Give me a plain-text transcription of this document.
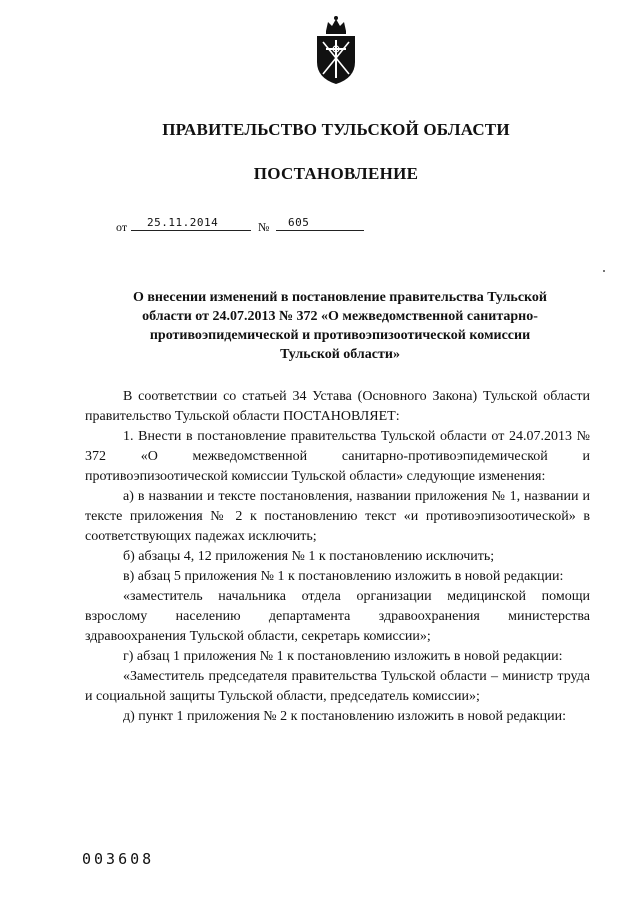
ПРАВИТЕЛЬСТВО ТУЛЬСКОЙ ОБЛАСТИ
ПОСТАНОВЛЕНИЕ
от	25.11.2014	№	605
О внесении изменений в постановление правительства Тульской
области от 24.07.2013 № 372 «О межведомственной санитарно-
противоэпидемической и противоэпизоотической комиссии
Тульской области»

В соответствии со статьей 34 Устава (Основного Закона) Тульской области правительство Тульской области ПОСТАНОВЛЯЕТ:

1. Внести в постановление правительства Тульской области от 24.07.2013 № 372 «О межведомственной санитарно-противоэпидемической и противоэпизоотической комиссии Тульской области» следующие изменения:

а) в названии и тексте постановления, названии приложения № 1, названии и тексте приложения № 2 к постановлению текст «и противоэпизоотической» в соответствующих падежах исключить;

б) абзацы 4, 12 приложения № 1 к постановлению исключить;

в) абзац 5 приложения № 1 к постановлению изложить в новой редакции:

«заместитель начальника отдела организации медицинской помощи взрослому населению департамента здравоохранения министерства здравоохранения Тульской области, секретарь комиссии»;

г) абзац 1 приложения № 1 к постановлению изложить в новой редакции:

«Заместитель председателя правительства Тульской области – министр труда и социальной защиты Тульской области, председатель комиссии»;

д) пункт 1 приложения № 2 к постановлению изложить в новой редакции:

003608
